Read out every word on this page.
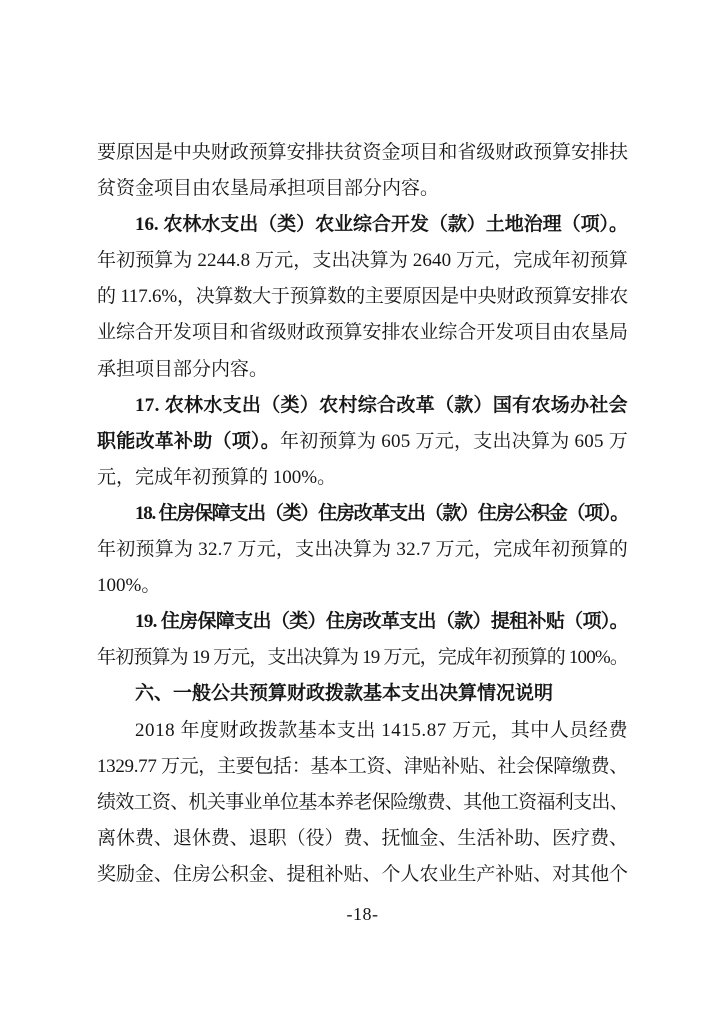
要原因是中央财政预算安排扶贫资金项目和省级财政预算安排扶
贫资金项目由农垦局承担项目部分内容。
16. 农林水支出（类）农业综合开发（款）土地治理（项）。
年初预算为 2244.8 万元，支出决算为 2640 万元，完成年初预算
的 117.6%，决算数大于预算数的主要原因是中央财政预算安排农
业综合开发项目和省级财政预算安排农业综合开发项目由农垦局
承担项目部分内容。
17. 农林水支出（类）农村综合改革（款）国有农场办社会
职能改革补助（项）。年初预算为 605 万元，支出决算为 605 万
元，完成年初预算的 100%。
18. 住房保障支出（类）住房改革支出（款）住房公积金（项）。
年初预算为 32.7 万元，支出决算为 32.7 万元，完成年初预算的
100%。
19. 住房保障支出（类）住房改革支出（款）提租补贴（项）。
年初预算为 19 万元，支出决算为 19 万元，完成年初预算的 100%。
六、一般公共预算财政拨款基本支出决算情况说明
2018 年度财政拨款基本支出 1415.87 万元，其中人员经费
1329.77 万元，主要包括：基本工资、津贴补贴、社会保障缴费、
绩效工资、机关事业单位基本养老保险缴费、其他工资福利支出、
离休费、退休费、退职（役）费、抚恤金、生活补助、医疗费、
奖励金、住房公积金、提租补贴、个人农业生产补贴、对其他个
-18-
